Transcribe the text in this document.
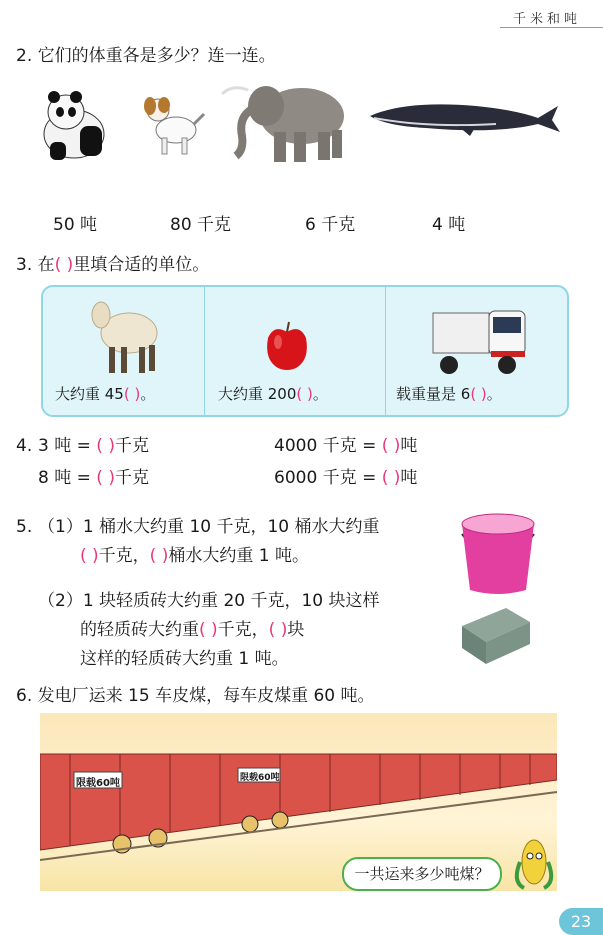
千米和吨
2. 它们的体重各是多少？连一连。
50 吨	80 千克	6 千克	4 吨
3. 在( )里填合适的单位。
大约重 45( )。	大约重 200( )。	载重量是 6( )。
4. 3 吨 = ( )千克	4000 千克 = ( )吨
8 吨 = ( )千克	6000 千克 = ( )吨
5. （1）1 桶水大约重 10 千克，10 桶水大约重
( )千克，( )桶水大约重 1 吨。
（2）1 块轻质砖大约重 20 千克，10 块这样
的轻质砖大约重( )千克，( )块
这样的轻质砖大约重 1 吨。
6. 发电厂运来 15 车皮煤，每车皮煤重 60 吨。
限载60吨	限载60吨
一共运来多少吨煤？
23
